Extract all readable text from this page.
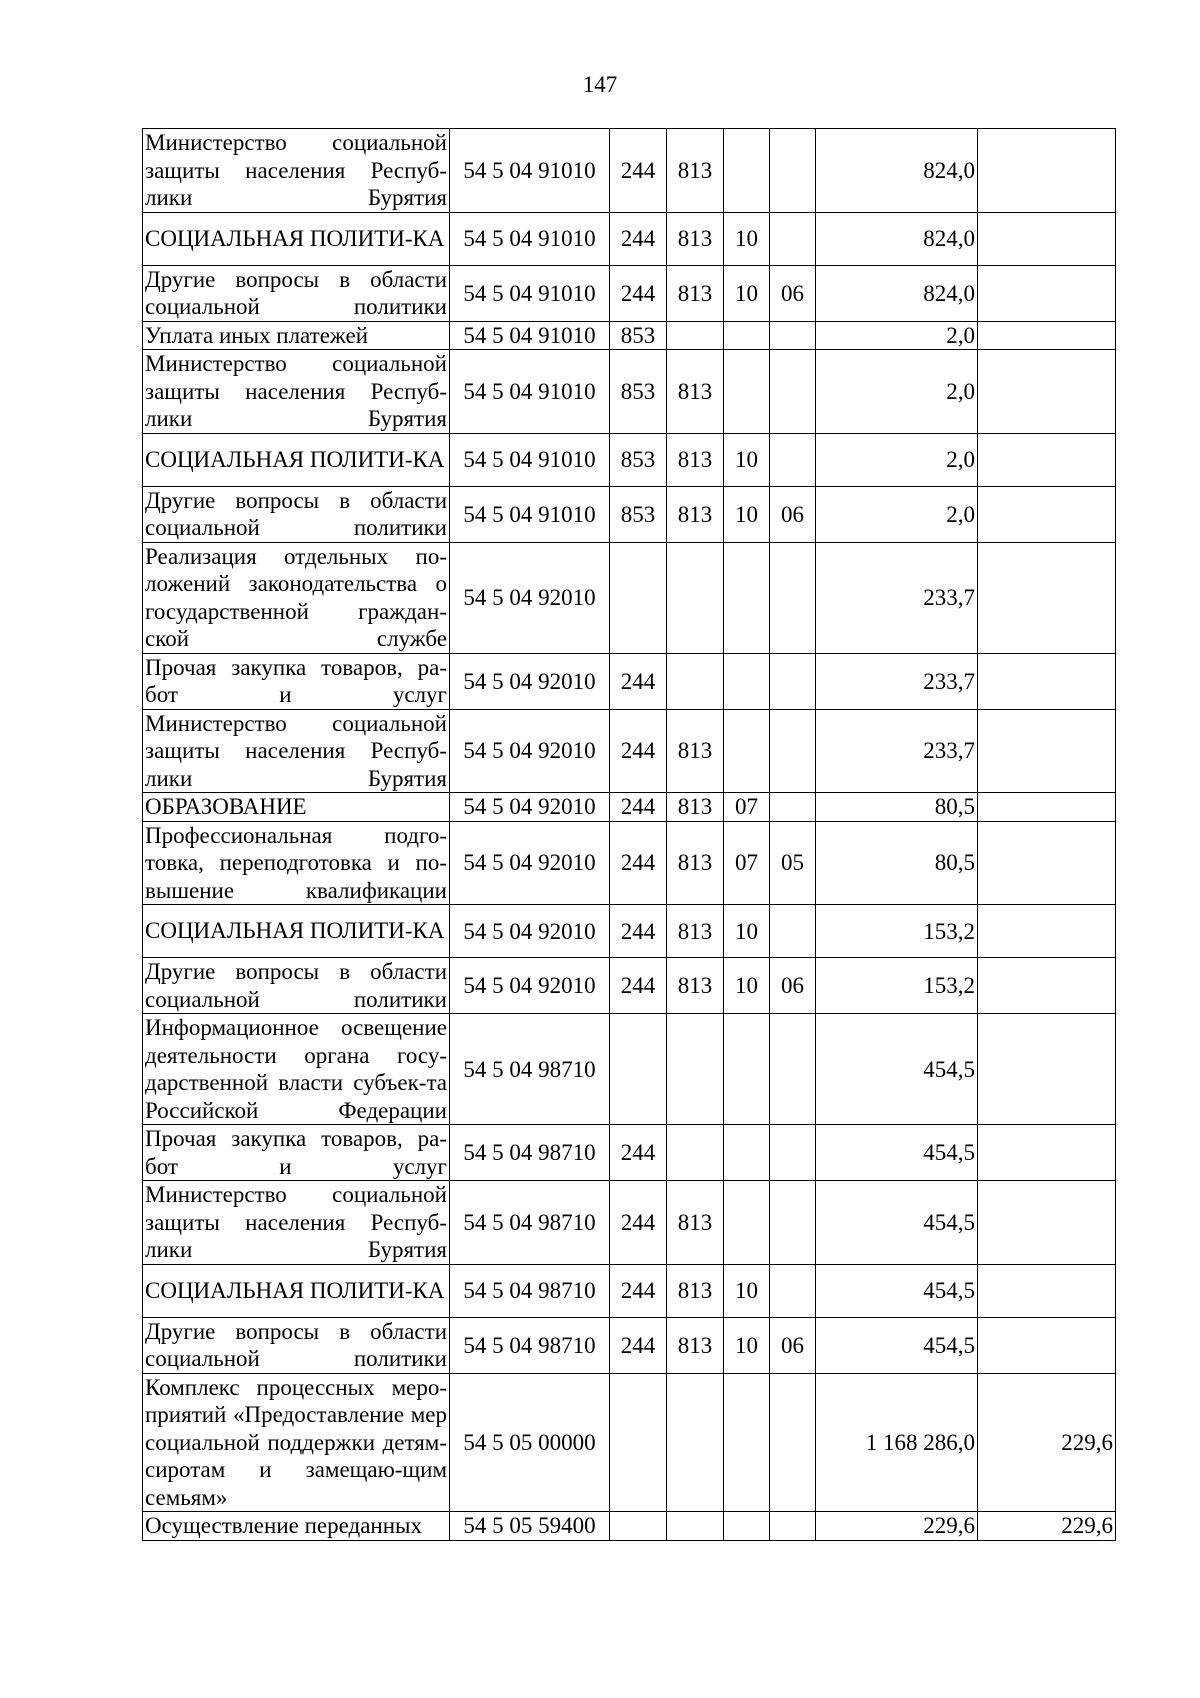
147
Министерство социальной защиты населения Респуб-лики Бурятия	54 5 04 91010	244	813			824,0	
СОЦИАЛЬНАЯ ПОЛИТИ-КА	54 5 04 91010	244	813	10		824,0	
Другие вопросы в области социальной политики	54 5 04 91010	244	813	10	06	824,0	
Уплата иных платежей	54 5 04 91010	853				2,0	
Министерство социальной защиты населения Респуб-лики Бурятия	54 5 04 91010	853	813			2,0	
СОЦИАЛЬНАЯ ПОЛИТИ-КА	54 5 04 91010	853	813	10		2,0	
Другие вопросы в области социальной политики	54 5 04 91010	853	813	10	06	2,0	
Реализация отдельных по-ложений законодательства о государственной граждан-ской службе	54 5 04 92010					233,7	
Прочая закупка товаров, ра-бот и услуг	54 5 04 92010	244				233,7	
Министерство социальной защиты населения Респуб-лики Бурятия	54 5 04 92010	244	813			233,7	
ОБРАЗОВАНИЕ	54 5 04 92010	244	813	07		80,5	
Профессиональная подго-товка, переподготовка и по-вышение квалификации	54 5 04 92010	244	813	07	05	80,5	
СОЦИАЛЬНАЯ ПОЛИТИ-КА	54 5 04 92010	244	813	10		153,2	
Другие вопросы в области социальной политики	54 5 04 92010	244	813	10	06	153,2	
Информационное освещение деятельности органа госу-дарственной власти субъек-та Российской Федерации	54 5 04 98710					454,5	
Прочая закупка товаров, ра-бот и услуг	54 5 04 98710	244				454,5	
Министерство социальной защиты населения Респуб-лики Бурятия	54 5 04 98710	244	813			454,5	
СОЦИАЛЬНАЯ ПОЛИТИ-КА	54 5 04 98710	244	813	10		454,5	
Другие вопросы в области социальной политики	54 5 04 98710	244	813	10	06	454,5	
Комплекс процессных меро-приятий «Предоставление мер социальной поддержки детям-сиротам и замещаю-щим семьям»	54 5 05 00000					1 168 286,0	229,6
Осуществление переданных	54 5 05 59400					229,6	229,6
